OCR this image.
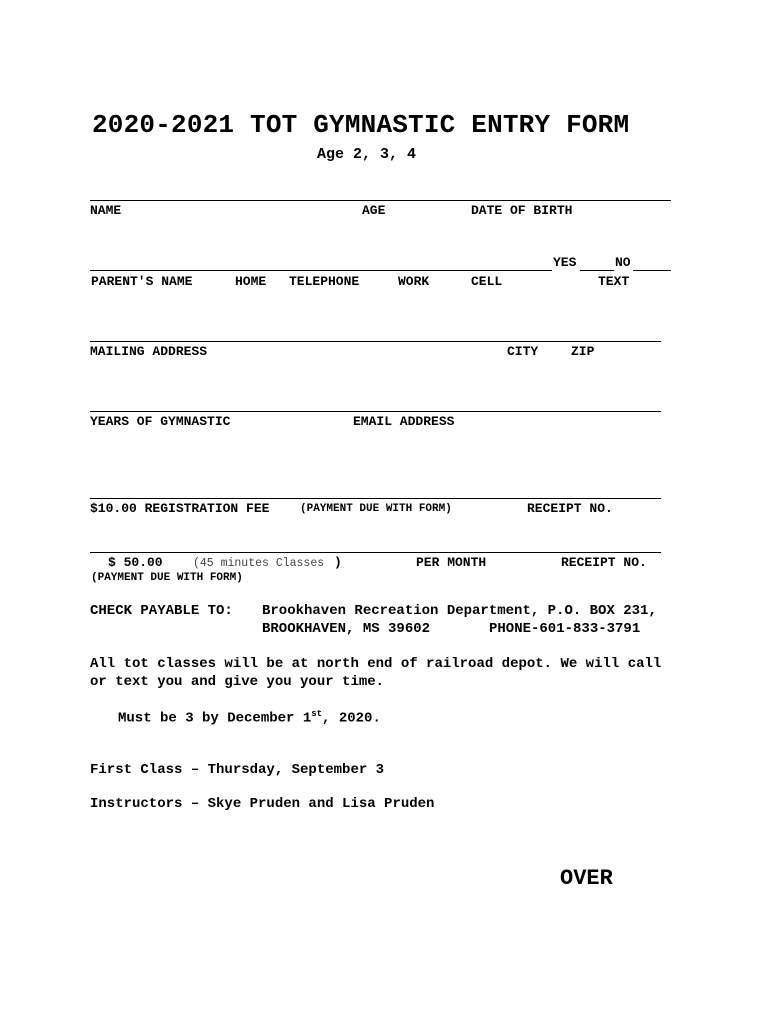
2020-2021 TOT GYMNASTIC ENTRY FORM
Age 2, 3, 4
NAME	AGE	DATE OF BIRTH
YES	NO
PARENT'S NAME	HOME TELEPHONE	WORK	CELL	TEXT
MAILING ADDRESS	CITY	ZIP
YEARS OF GYMNASTIC	EMAIL ADDRESS
$10.00 REGISTRATION FEE	(PAYMENT DUE WITH FORM)	RECEIPT NO.
$ 50.00	(45 minutes Classes )	PER MONTH	RECEIPT NO.
(PAYMENT DUE WITH FORM)
CHECK PAYABLE TO: Brookhaven Recreation Department, P.O. BOX 231,
BROOKHAVEN, MS 39602	PHONE-601-833-3791
All tot classes will be at north end of railroad depot. We will call
or text you and give you your time.
Must be 3 by December 1st, 2020.
First Class – Thursday, September 3
Instructors – Skye Pruden and Lisa Pruden
OVER
